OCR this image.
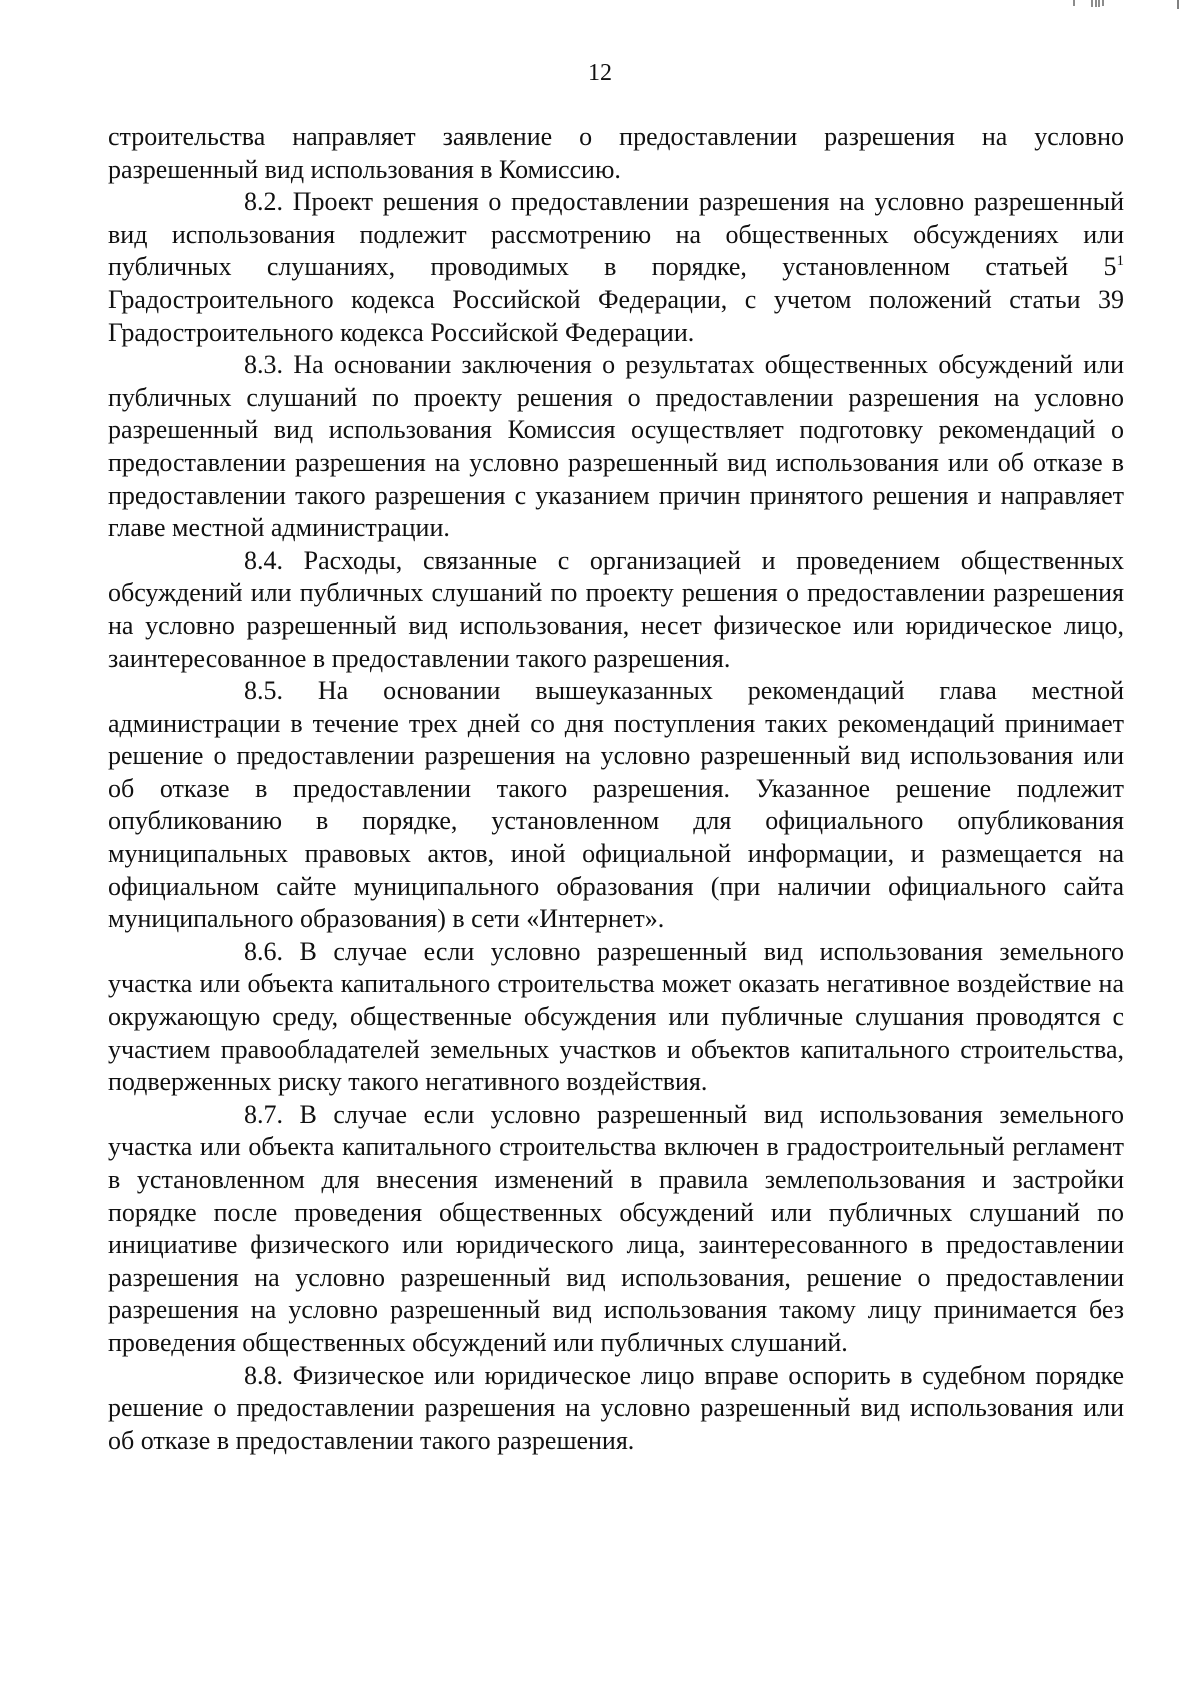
12

строительства направляет заявление о предоставлении разрешения на условно разрешенный вид использования в Комиссию.

8.2. Проект решения о предоставлении разрешения на условно разрешенный вид использования подлежит рассмотрению на общественных обсуждениях или публичных слушаниях, проводимых в порядке, установленном статьей $5^1$ Градостроительного кодекса Российской Федерации, с учетом положений статьи 39 Градостроительного кодекса Российской Федерации.

8.3. На основании заключения о результатах общественных обсуждений или публичных слушаний по проекту решения о предоставлении разрешения на условно разрешенный вид использования Комиссия осуществляет подготовку рекомендаций о предоставлении разрешения на условно разрешенный вид использования или об отказе в предоставлении такого разрешения с указанием причин принятого решения и направляет главе местной администрации.

8.4. Расходы, связанные с организацией и проведением общественных обсуждений или публичных слушаний по проекту решения о предоставлении разрешения на условно разрешенный вид использования, несет физическое или юридическое лицо, заинтересованное в предоставлении такого разрешения.

8.5. На основании вышеуказанных рекомендаций глава местной администрации в течение трех дней со дня поступления таких рекомендаций принимает решение о предоставлении разрешения на условно разрешенный вид использования или об отказе в предоставлении такого разрешения. Указанное решение подлежит опубликованию в порядке, установленном для официального опубликования муниципальных правовых актов, иной официальной информации, и размещается на официальном сайте муниципального образования (при наличии официального сайта муниципального образования) в сети «Интернет».

8.6. В случае если условно разрешенный вид использования земельного участка или объекта капитального строительства может оказать негативное воздействие на окружающую среду, общественные обсуждения или публичные слушания проводятся с участием правообладателей земельных участков и объектов капитального строительства, подверженных риску такого негативного воздействия.

8.7. В случае если условно разрешенный вид использования земельного участка или объекта капитального строительства включен в градостроительный регламент в установленном для внесения изменений в правила землепользования и застройки порядке после проведения общественных обсуждений или публичных слушаний по инициативе физического или юридического лица, заинтересованного в предоставлении разрешения на условно разрешенный вид использования, решение о предоставлении разрешения на условно разрешенный вид использования такому лицу принимается без проведения общественных обсуждений или публичных слушаний.

8.8. Физическое или юридическое лицо вправе оспорить в судебном порядке решение о предоставлении разрешения на условно разрешенный вид использования или об отказе в предоставлении такого разрешения.
